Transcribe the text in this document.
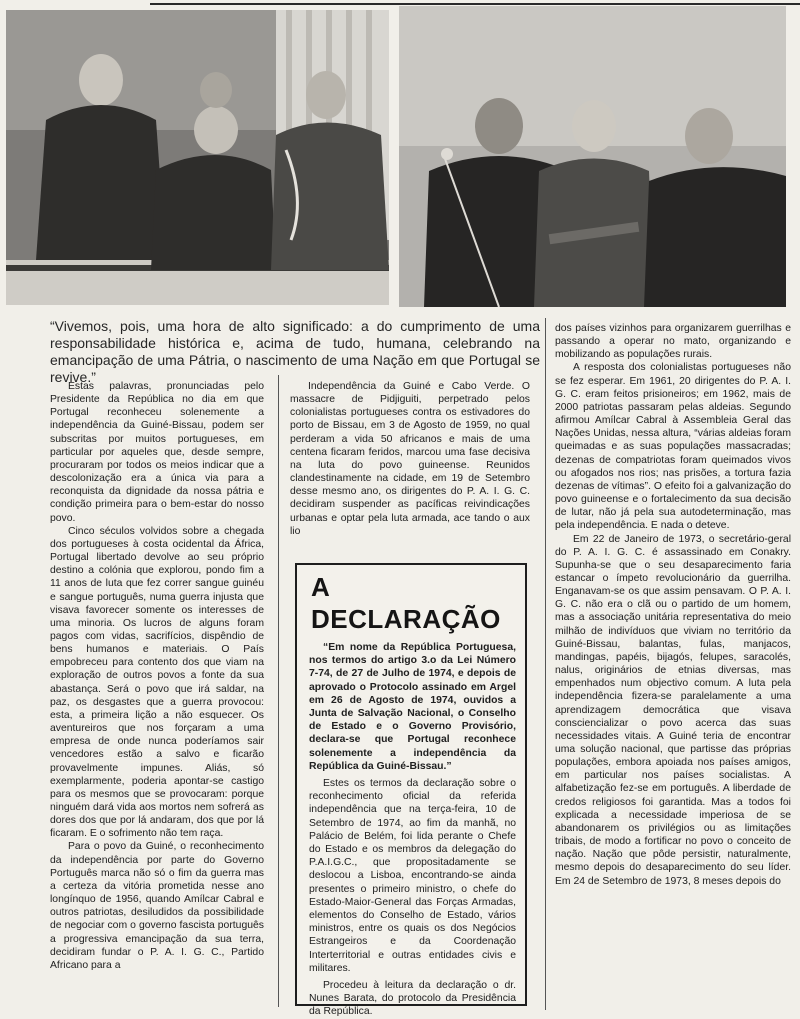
“Vivemos, pois, uma hora de alto significado: a do cumprimento de uma responsabilidade histórica e, acima de tudo, humana, celebrando na emancipação de uma Pátria, o nascimento de uma Nação em que Portugal se revive.”

Estas palavras, pronunciadas pelo Presidente da República no dia em que Portugal reconheceu solenemente a independência da Guiné-Bissau, podem ser subscritas por muitos portugueses, em particular por aqueles que, desde sempre, procuraram por todos os meios indicar que a descolonização era a única via para a reconquista da dignidade da nossa pátria e condição primeira para o bem-estar do nosso povo.

Cinco séculos volvidos sobre a chegada dos portugueses à costa ocidental da África, Portugal libertado devolve ao seu próprio destino a colónia que explorou, pondo fim a 11 anos de luta que fez correr sangue guinéu e sangue português, numa guerra injusta que visava favorecer somente os interesses de uma minoria. Os lucros de alguns foram pagos com vidas, sacrifícios, dispêndio de bens humanos e materiais. O País empobreceu para contento dos que viam na exploração de outros povos a fonte da sua abastança. Será o povo que irá saldar, na paz, os desgastes que a guerra provocou: esta, a primeira lição a não esquecer. Os aventureiros que nos forçaram a uma empresa de onde nunca poderíamos sair vencedores estão a salvo e ficarão provavelmente impunes. Aliás, só exemplarmente, poderia apontar-se castigo para os mesmos que se provocaram: porque ninguém dará vida aos mortos nem sofrerá as dores dos que por lá andaram, dos que por lá ficaram. E o sofrimento não tem raça.

Para o povo da Guiné, o reconhecimento da independência por parte do Governo Português marca não só o fim da guerra mas a certeza da vitória prometida nesse ano longínquo de 1956, quando Amílcar Cabral e outros patriotas, desiludidos da possibilidade de negociar com o governo fascista português a progressiva emancipação da sua terra, decidiram fundar o P. A. I. G. C., Partido Africano para a

Independência da Guiné e Cabo Verde. O massacre de Pidjiguiti, perpetrado pelos colonialistas portugueses contra os estivadores do porto de Bissau, em 3 de Agosto de 1959, no qual perderam a vida 50 africanos e mais de uma centena ficaram feridos, marcou uma fase decisiva na luta do povo guineense. Reunidos clandestinamente na cidade, em 19 de Setembro desse mesmo ano, os dirigentes do P. A. I. G. C. decidiram suspender as pacíficas reivindicações urbanas e optar pela luta armada, ace tando o aux lio

A DECLARAÇÃO

“Em nome da República Portuguesa, nos termos do artigo 3.o da Lei Número 7-74, de 27 de Julho de 1974, e depois de aprovado o Protocolo assinado em Argel em 26 de Agosto de 1974, ouvidos a Junta de Salvação Nacional, o Conselho de Estado e o Governo Provisório, declara-se que Portugal reconhece solenemente a independência da República da Guiné-Bissau.”

Estes os termos da declaração sobre o reconhecimento oficial da referida independência que na terça-feira, 10 de Setembro de 1974, ao fim da manhã, no Palácio de Belém, foi lida perante o Chefe do Estado e os membros da delegação do P.A.I.G.C., que propositadamente se deslocou a Lisboa, encontrando-se ainda presentes o primeiro ministro, o chefe do Estado-Maior-General das Forças Armadas, elementos do Conselho de Estado, vários ministros, entre os quais os dos Negócios Estrangeiros e da Coordenação Interterritorial e outras entidades civis e militares.

Procedeu à leitura da declaração o dr. Nunes Barata, do protocolo da Presidência da República.

dos países vizinhos para organizarem guerrilhas e passando a operar no mato, organizando e mobilizando as populações rurais.

A resposta dos colonialistas portugueses não se fez esperar. Em 1961, 20 dirigentes do P. A. I. G. C. eram feitos prisioneiros; em 1962, mais de 2000 patriotas passaram pelas aldeias. Segundo afirmou Amílcar Cabral à Assembleia Geral das Nações Unidas, nessa altura, “várias aldeias foram queimadas e as suas populações massacradas; dezenas de compatriotas foram queimados vivos ou afogados nos rios; nas prisões, a tortura fazia dezenas de vítimas”. O efeito foi a galvanização do povo guineense e o fortalecimento da sua decisão de lutar, não já pela sua autodeterminação, mas pela independência. E nada o deteve.

Em 22 de Janeiro de 1973, o secretário-geral do P. A. I. G. C. é assassinado em Conakry. Supunha-se que o seu desaparecimento faria estancar o ímpeto revolucionário da guerrilha. Enganavam-se os que assim pensavam. O P. A. I. G. C. não era o clã ou o partido de um homem, mas a associação unitária representativa do meio milhão de indivíduos que viviam no território da Guiné-Bissau, balantas, fulas, manjacos, mandingas, papéis, bijagós, felupes, saracolés, nalus, originários de etnias diversas, mas empenhados num objectivo comum. A luta pela independência fizera-se paralelamente a uma aprendizagem democrática que visava consciencializar o povo acerca das suas necessidades vitais. A Guiné teria de encontrar uma solução nacional, que partisse das próprias populações, embora apoiada nos países amigos, em particular nos países socialistas. A alfabetização fez-se em português. A liberdade de credos religiosos foi garantida. Mas a todos foi explicada a necessidade imperiosa de se abandonarem os privilégios ou as limitações tribais, de modo a fortificar no povo o conceito de nação. Nação que pôde persistir, naturalmente, mesmo depois do desaparecimento do seu líder. Em 24 de Setembro de 1973, 8 meses depois do
